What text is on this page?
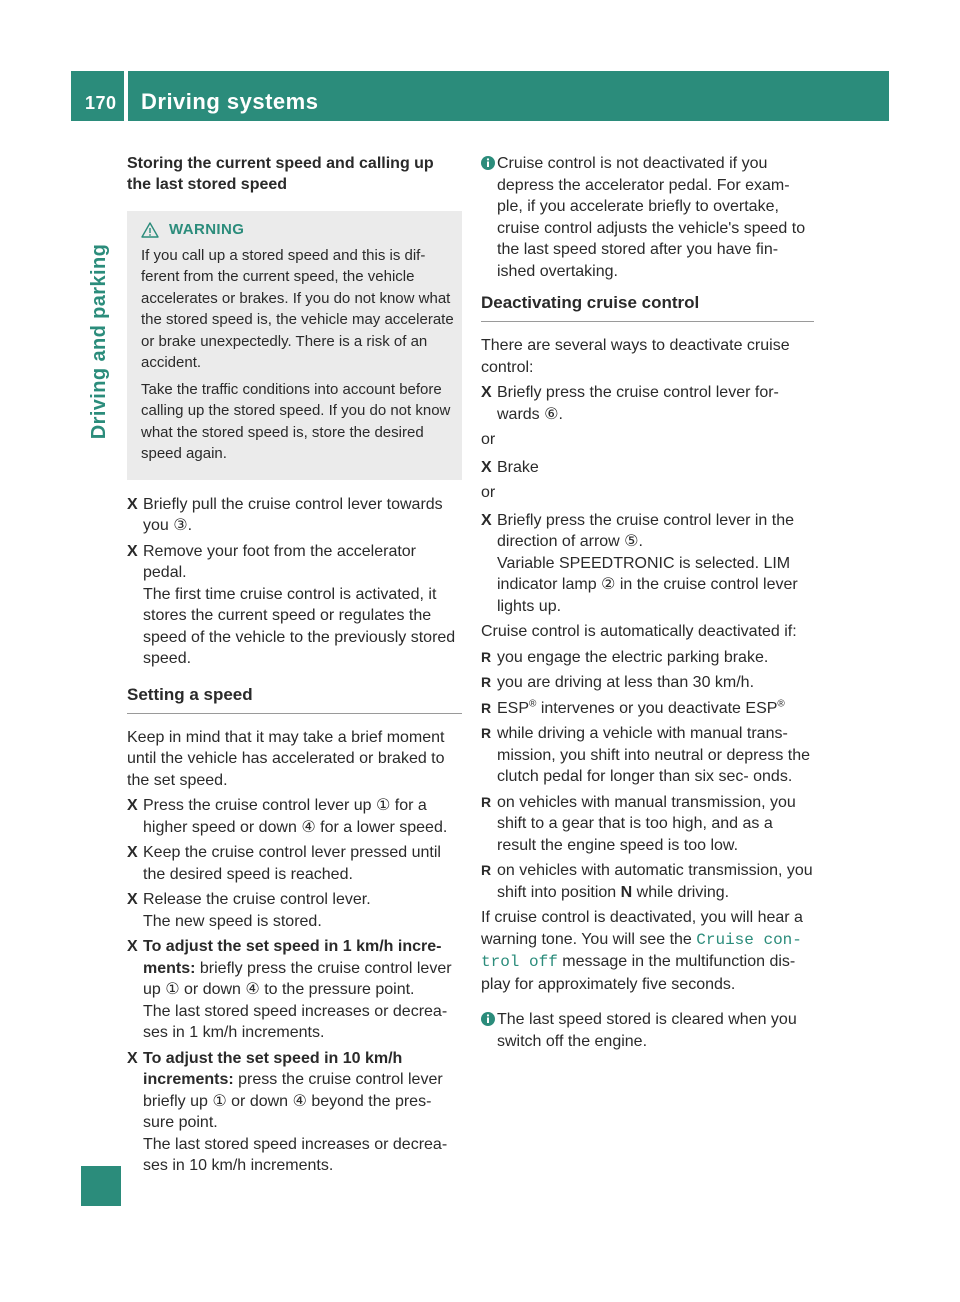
170 Driving systems
Driving and parking
Storing the current speed and calling up the last stored speed
WARNING

If you call up a stored speed and this is dif- ferent from the current speed, the vehicle accelerates or brakes. If you do not know what the stored speed is, the vehicle may accelerate or brake unexpectedly. There is a risk of an accident.

Take the traffic conditions into account before calling up the stored speed. If you do not know what the stored speed is, store the desired speed again.

X Briefly pull the cruise control lever towards you ③.
X Remove your foot from the accelerator pedal.
The first time cruise control is activated, it stores the current speed or regulates the speed of the vehicle to the previously stored speed.
Setting a speed
Keep in mind that it may take a brief moment until the vehicle has accelerated or braked to the set speed.
X Press the cruise control lever up ① for a higher speed or down ④ for a lower speed.
X Keep the cruise control lever pressed until the desired speed is reached.
X Release the cruise control lever.
The new speed is stored.
X To adjust the set speed in 1 km/h incre- ments: briefly press the cruise control lever up ① or down ④ to the pressure point.
The last stored speed increases or decrea- ses in 1 km/h increments.
X To adjust the set speed in 10 km/h increments: press the cruise control lever briefly up ① or down ④ beyond the pres- sure point.
The last stored speed increases or decrea- ses in 10 km/h increments.
Cruise control is not deactivated if you depress the accelerator pedal. For exam- ple, if you accelerate briefly to overtake, cruise control adjusts the vehicle's speed to the last speed stored after you have fin- ished overtaking.
Deactivating cruise control
There are several ways to deactivate cruise control:
X Briefly press the cruise control lever for- wards ⑥.
or
X Brake
or
X Briefly press the cruise control lever in the direction of arrow ⑤.
Variable SPEEDTRONIC is selected. LIM indicator lamp ② in the cruise control lever lights up.
Cruise control is automatically deactivated if:
R you engage the electric parking brake.
R you are driving at less than 30 km/h.
R ESP® intervenes or you deactivate ESP®
R while driving a vehicle with manual trans- mission, you shift into neutral or depress the clutch pedal for longer than six sec- onds.
R on vehicles with manual transmission, you shift to a gear that is too high, and as a result the engine speed is too low.
R on vehicles with automatic transmission, you shift into position N while driving.
If cruise control is deactivated, you will hear a warning tone. You will see the Cruise con- trol off message in the multifunction dis- play for approximately five seconds.
The last speed stored is cleared when you switch off the engine.
